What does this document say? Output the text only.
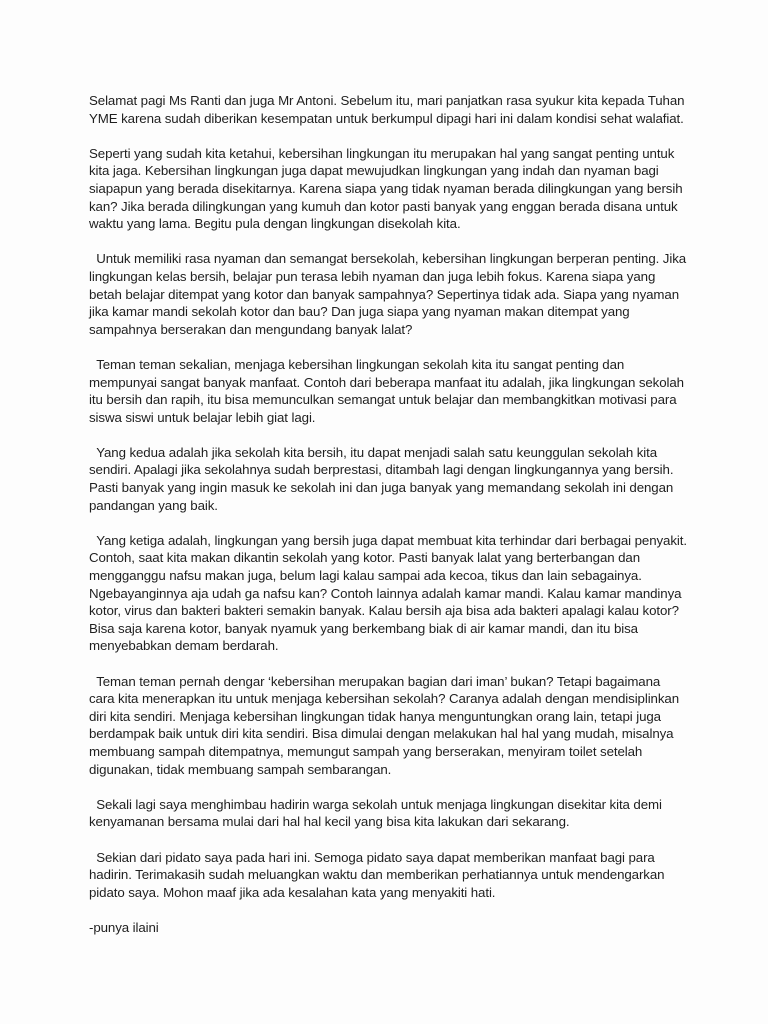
Selamat pagi Ms Ranti dan juga Mr Antoni. Sebelum itu, mari panjatkan rasa syukur kita kepada Tuhan YME karena sudah diberikan kesempatan untuk berkumpul dipagi hari ini dalam kondisi sehat walafiat.

Seperti yang sudah kita ketahui, kebersihan lingkungan itu merupakan hal yang sangat penting untuk kita jaga. Kebersihan lingkungan juga dapat mewujudkan lingkungan yang indah dan nyaman bagi siapapun yang berada disekitarnya. Karena siapa yang tidak nyaman berada dilingkungan yang bersih kan? Jika berada dilingkungan yang kumuh dan kotor pasti banyak yang enggan berada disana untuk waktu yang lama. Begitu pula dengan lingkungan disekolah kita.

Untuk memiliki rasa nyaman dan semangat bersekolah, kebersihan lingkungan berperan penting. Jika lingkungan kelas bersih, belajar pun terasa lebih nyaman dan juga lebih fokus. Karena siapa yang betah belajar ditempat yang kotor dan banyak sampahnya? Sepertinya tidak ada. Siapa yang nyaman jika kamar mandi sekolah kotor dan bau? Dan juga siapa yang nyaman makan ditempat yang sampahnya berserakan dan mengundang banyak lalat?

Teman teman sekalian, menjaga kebersihan lingkungan sekolah kita itu sangat penting dan mempunyai sangat banyak manfaat. Contoh dari beberapa manfaat itu adalah, jika lingkungan sekolah itu bersih dan rapih, itu bisa memunculkan semangat untuk belajar dan membangkitkan motivasi para siswa siswi untuk belajar lebih giat lagi.

Yang kedua adalah jika sekolah kita bersih, itu dapat menjadi salah satu keunggulan sekolah kita sendiri. Apalagi jika sekolahnya sudah berprestasi, ditambah lagi dengan lingkungannya yang bersih. Pasti banyak yang ingin masuk ke sekolah ini dan juga banyak yang memandang sekolah ini dengan pandangan yang baik.

Yang ketiga adalah, lingkungan yang bersih juga dapat membuat kita terhindar dari berbagai penyakit. Contoh, saat kita makan dikantin sekolah yang kotor. Pasti banyak lalat yang berterbangan dan mengganggu nafsu makan juga, belum lagi kalau sampai ada kecoa, tikus dan lain sebagainya. Ngebayanginnya aja udah ga nafsu kan? Contoh lainnya adalah kamar mandi. Kalau kamar mandinya kotor, virus dan bakteri bakteri semakin banyak. Kalau bersih aja bisa ada bakteri apalagi kalau kotor? Bisa saja karena kotor, banyak nyamuk yang berkembang biak di air kamar mandi, dan itu bisa menyebabkan demam berdarah.

Teman teman pernah dengar ‘kebersihan merupakan bagian dari iman’ bukan? Tetapi bagaimana cara kita menerapkan itu untuk menjaga kebersihan sekolah? Caranya adalah dengan mendisiplinkan diri kita sendiri. Menjaga kebersihan lingkungan tidak hanya menguntungkan orang lain, tetapi juga berdampak baik untuk diri kita sendiri. Bisa dimulai dengan melakukan hal hal yang mudah, misalnya membuang sampah ditempatnya, memungut sampah yang berserakan, menyiram toilet setelah digunakan, tidak membuang sampah sembarangan.

Sekali lagi saya menghimbau hadirin warga sekolah untuk menjaga lingkungan disekitar kita demi kenyamanan bersama mulai dari hal hal kecil yang bisa kita lakukan dari sekarang.

Sekian dari pidato saya pada hari ini. Semoga pidato saya dapat memberikan manfaat bagi para hadirin. Terimakasih sudah meluangkan waktu dan memberikan perhatiannya untuk mendengarkan pidato saya. Mohon maaf jika ada kesalahan kata yang menyakiti hati.

-punya ilaini
